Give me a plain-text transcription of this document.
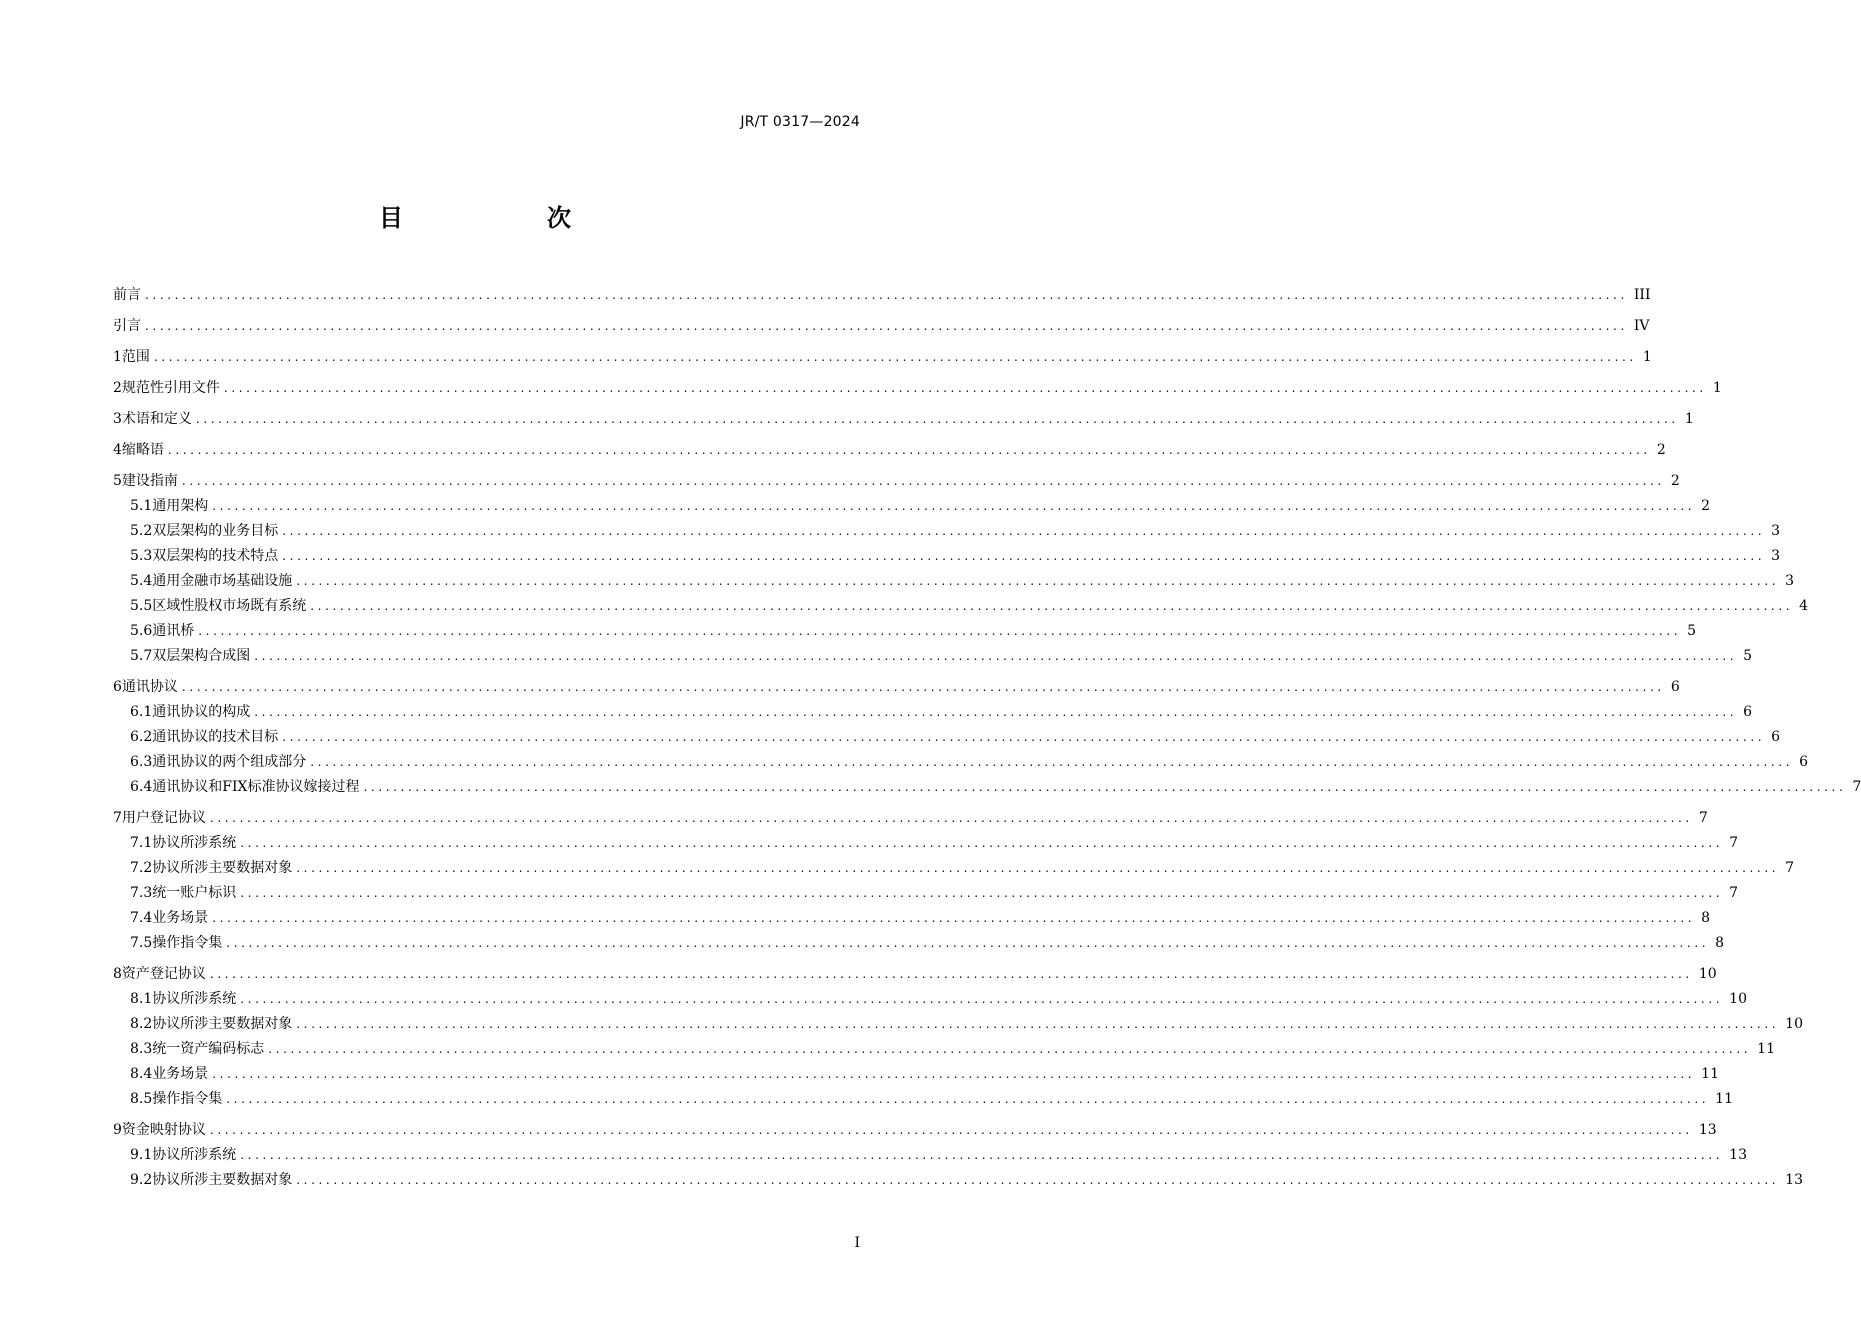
JR/T 0317—2024
目　次
前言 ........................................................................................................................................................................................................ III
引言 ........................................................................................................................................................................................................ IV
1 范围 ........................................................................................................................................................................................................ 1
2 规范性引用文件 ........................................................................................................................................................................................................ 1
3 术语和定义 ........................................................................................................................................................................................................ 1
4 缩略语 ........................................................................................................................................................................................................ 2
5 建设指南 ........................................................................................................................................................................................................ 2
5.1 通用架构 ........................................................................................................................................................................................................ 2
5.2 双层架构的业务目标 ........................................................................................................................................................................................................ 3
5.3 双层架构的技术特点 ........................................................................................................................................................................................................ 3
5.4 通用金融市场基础设施 ........................................................................................................................................................................................................ 3
5.5 区域性股权市场既有系统 ........................................................................................................................................................................................................ 4
5.6 通讯桥 ........................................................................................................................................................................................................ 5
5.7 双层架构合成图 ........................................................................................................................................................................................................ 5
6 通讯协议 ........................................................................................................................................................................................................ 6
6.1 通讯协议的构成 ........................................................................................................................................................................................................ 6
6.2 通讯协议的技术目标 ........................................................................................................................................................................................................ 6
6.3 通讯协议的两个组成部分 ........................................................................................................................................................................................................ 6
6.4 通讯协议和FIX标准协议嫁接过程 ........................................................................................................................................................................................................ 7
7 用户登记协议 ........................................................................................................................................................................................................ 7
7.1 协议所涉系统 ........................................................................................................................................................................................................ 7
7.2 协议所涉主要数据对象 ........................................................................................................................................................................................................ 7
7.3 统一账户标识 ........................................................................................................................................................................................................ 7
7.4 业务场景 ........................................................................................................................................................................................................ 8
7.5 操作指令集 ........................................................................................................................................................................................................ 8
8 资产登记协议 ........................................................................................................................................................................................................ 10
8.1 协议所涉系统 ........................................................................................................................................................................................................ 10
8.2 协议所涉主要数据对象 ........................................................................................................................................................................................................ 10
8.3 统一资产编码标志 ........................................................................................................................................................................................................ 11
8.4 业务场景 ........................................................................................................................................................................................................ 11
8.5 操作指令集 ........................................................................................................................................................................................................ 11
9 资金映射协议 ........................................................................................................................................................................................................ 13
9.1 协议所涉系统 ........................................................................................................................................................................................................ 13
9.2 协议所涉主要数据对象 ........................................................................................................................................................................................................ 13
I
